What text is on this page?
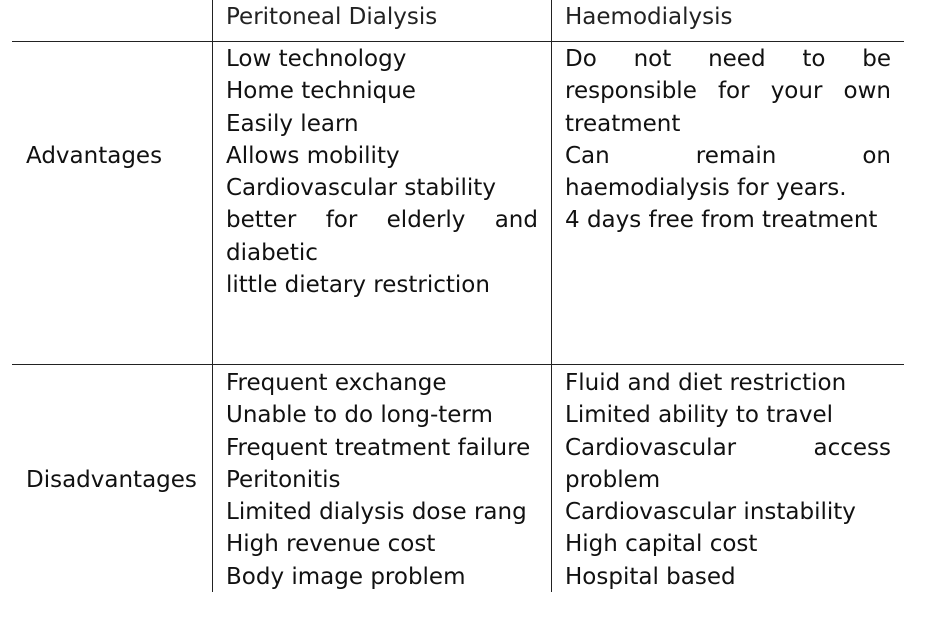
Peritoneal Dialysis	Haemodialysis
Advantages
Disadvantages
Low technology
Home technique
Easily learn
Allows mobility
Cardiovascular stability
better for elderly and diabetic
little dietary restriction
Do not need to be responsible for your own treatment
Can remain on haemodialysis for years.
4 days free from treatment
Frequent exchange
Unable to do long-term
Frequent treatment failure
Peritonitis
Limited dialysis dose rang
High revenue cost
Body image problem
Fluid and diet restriction
Limited ability to travel
Cardiovascular access problem
Cardiovascular instability
High capital cost
Hospital based
